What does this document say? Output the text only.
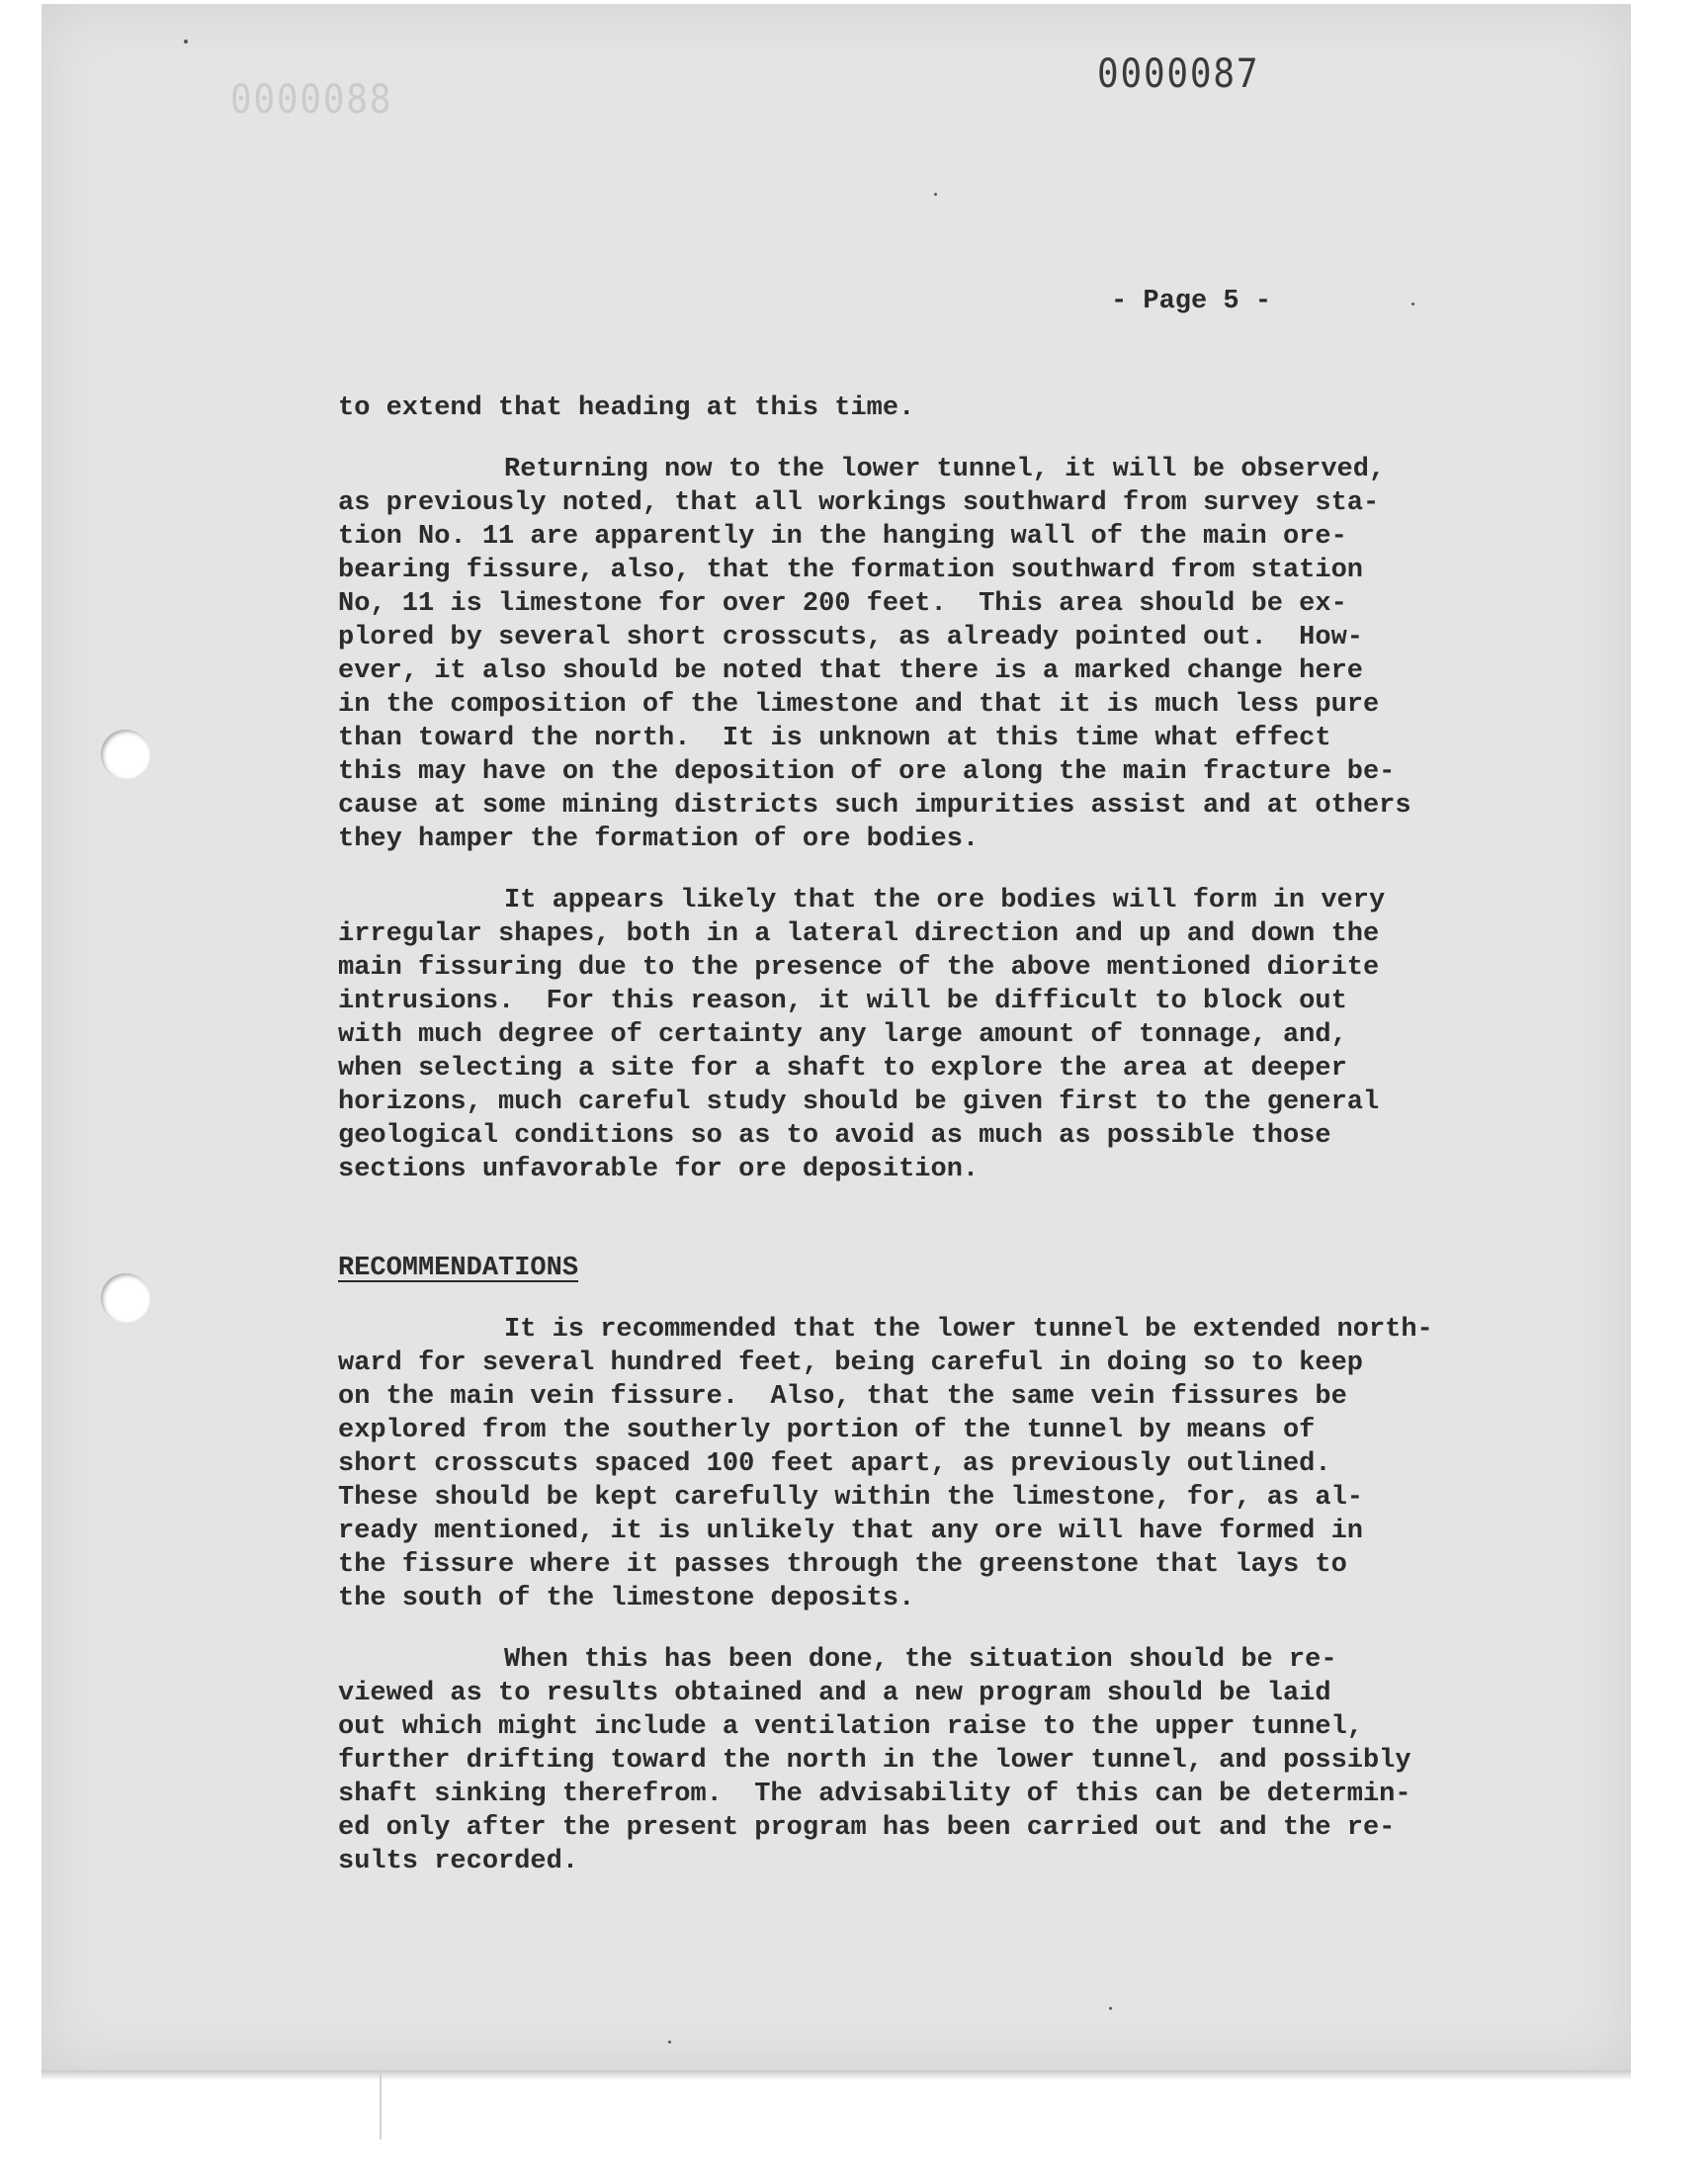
8800000
0000087
- Page 5 -

to extend that heading at this time.

Returning now to the lower tunnel, it will be observed,

as previously noted, that all workings southward from survey sta-

tion No. 11 are apparently in the hanging wall of the main ore-

bearing fissure, also, that the formation southward from station

No, 11 is limestone for over 200 feet.  This area should be ex-

plored by several short crosscuts, as already pointed out.  How-

ever, it also should be noted that there is a marked change here

in the composition of the limestone and that it is much less pure

than toward the north.  It is unknown at this time what effect

this may have on the deposition of ore along the main fracture be-

cause at some mining districts such impurities assist and at others

they hamper the formation of ore bodies.

It appears likely that the ore bodies will form in very

irregular shapes, both in a lateral direction and up and down the

main fissuring due to the presence of the above mentioned diorite

intrusions.  For this reason, it will be difficult to block out

with much degree of certainty any large amount of tonnage, and,

when selecting a site for a shaft to explore the area at deeper

horizons, much careful study should be given first to the general

geological conditions so as to avoid as much as possible those

sections unfavorable for ore deposition.

RECOMMENDATIONS

It is recommended that the lower tunnel be extended north-

ward for several hundred feet, being careful in doing so to keep

on the main vein fissure.  Also, that the same vein fissures be

explored from the southerly portion of the tunnel by means of

short crosscuts spaced 100 feet apart, as previously outlined.

These should be kept carefully within the limestone, for, as al-

ready mentioned, it is unlikely that any ore will have formed in

the fissure where it passes through the greenstone that lays to

the south of the limestone deposits.

When this has been done, the situation should be re-

viewed as to results obtained and a new program should be laid

out which might include a ventilation raise to the upper tunnel,

further drifting toward the north in the lower tunnel, and possibly

shaft sinking therefrom.  The advisability of this can be determin-

ed only after the present program has been carried out and the re-

sults recorded.
